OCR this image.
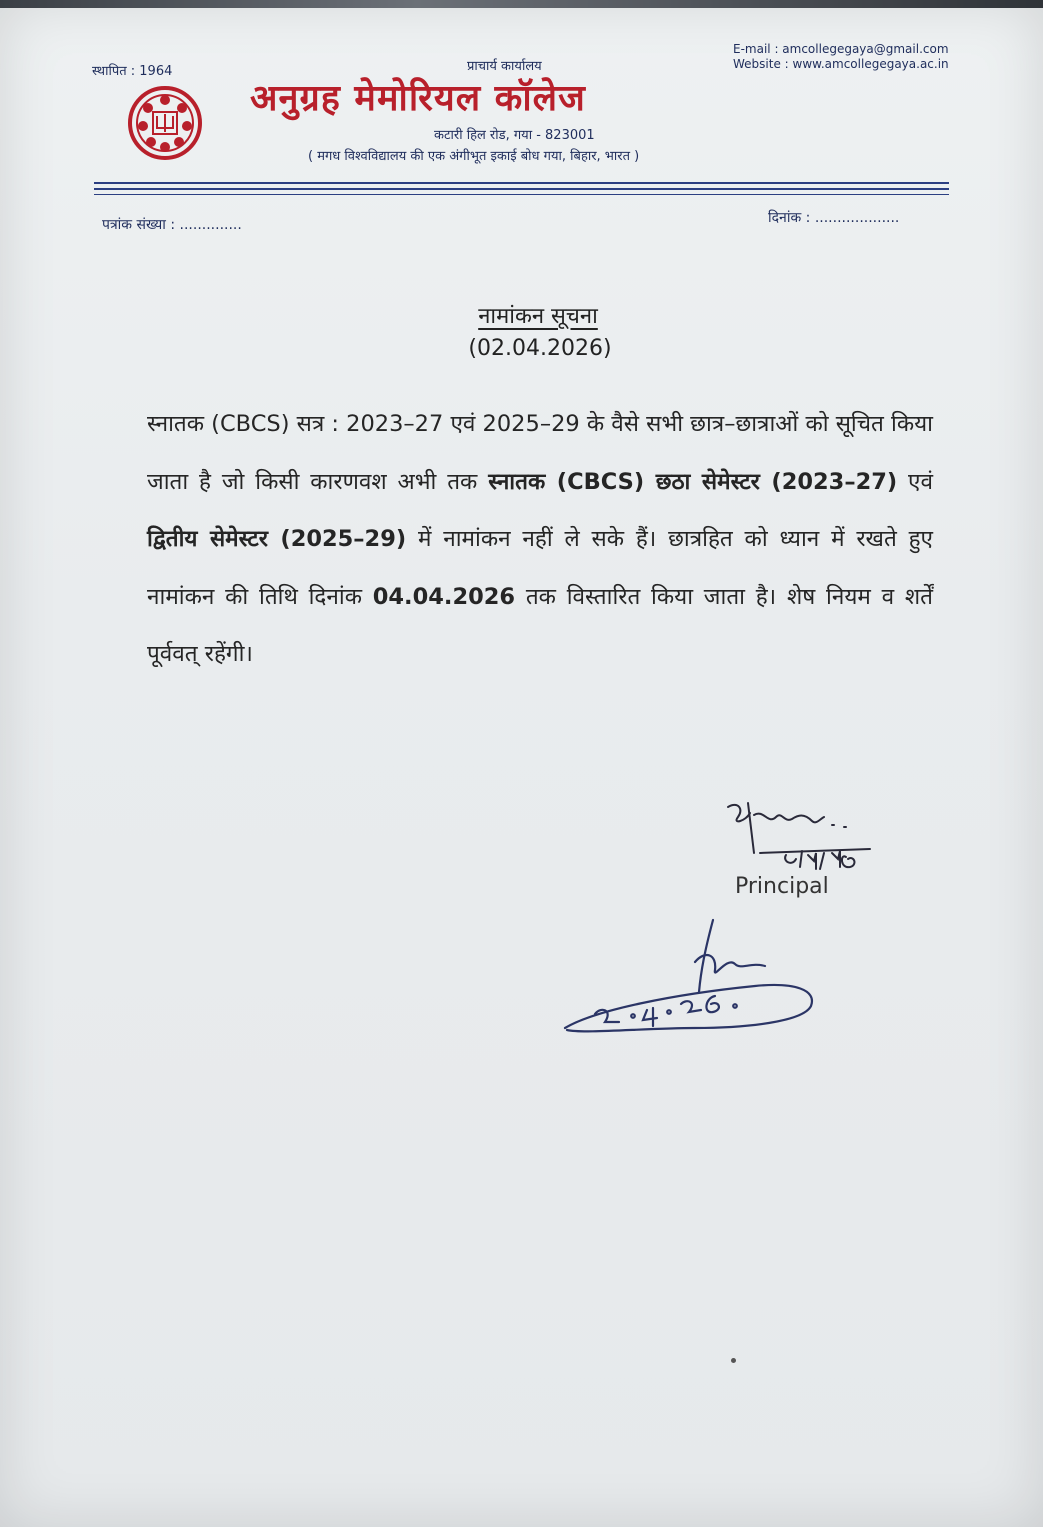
स्थापित : 1964	प्राचार्य कार्यालय
E-mail : amcollegegaya@gmail.com
Website : www.amcollegegaya.ac.in
अनुग्रह मेमोरियल कॉलेज
कटारी हिल रोड, गया - 823001
( मगध विश्वविद्यालय की एक अंगीभूत इकाई बोध गया, बिहार, भारत )
पत्रांक संख्या : ..............	दिनांक : ...................
नामांकन सूचना
(02.04.2026)
स्नातक (CBCS) सत्र : 2023–27 एवं 2025–29 के वैसे सभी छात्र–छात्राओं को सूचित किया जाता है जो किसी कारणवश अभी तक स्नातक (CBCS) छठा सेमेस्टर (2023–27) एवं द्वितीय सेमेस्टर (2025–29) में नामांकन नहीं ले सके हैं। छात्रहित को ध्यान में रखते हुए नामांकन की तिथि दिनांक 04.04.2026 तक विस्तारित किया जाता है। शेष नियम व शर्तें पूर्ववत् रहेंगी।
Principal
